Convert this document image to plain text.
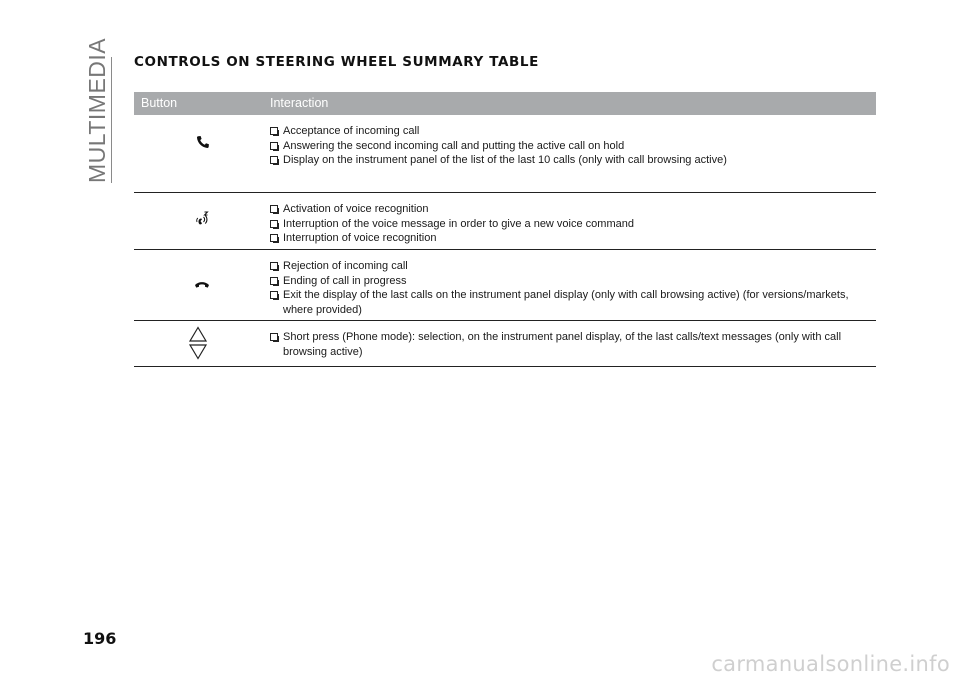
MULTIMEDIA CONTROLS ON STEERING WHEEL SUMMARY TABLE
Button	Interaction
Acceptance of incoming call
Answering the second incoming call and putting the active call on hold
Display on the instrument panel of the list of the last 10 calls (only with call browsing active)
Activation of voice recognition
Interruption of the voice message in order to give a new voice command
Interruption of voice recognition
Rejection of incoming call
Ending of call in progress
Exit the display of the last calls on the instrument panel display (only with call browsing active) (for versions/markets, where provided)
Short press (Phone mode): selection, on the instrument panel display, of the last calls/text messages (only with call browsing active)
196
carmanualsonline.info
